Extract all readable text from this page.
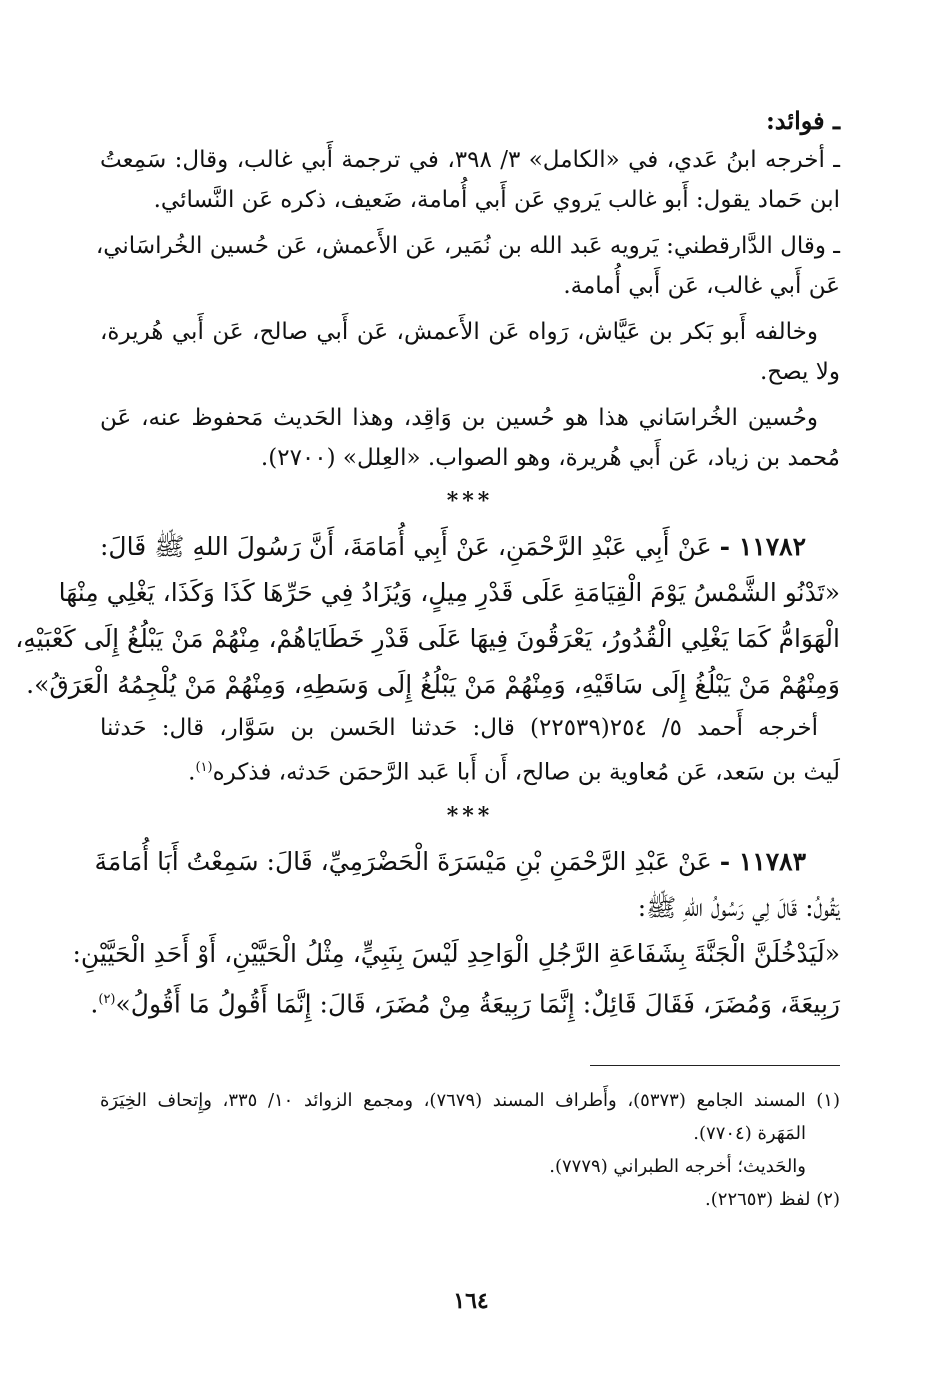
ـ فوائد:
ـ أخرجه ابنُ عَدي، في «الكامل» ٣/ ٣٩٨، في ترجمة أَبي غالب، وقال: سَمِعتُ
ابن حَماد يقول: أَبو غالب يَروي عَن أَبي أُمامة، ضَعيف، ذكره عَن النَّسائي.
ـ وقال الدَّارقطني: يَرويه عَبد الله بن نُمَير، عَن الأَعمش، عَن حُسين الخُراسَاني،
عَن أَبي غالب، عَن أَبي أُمامة.
وخالفه أَبو بَكر بن عَيَّاش، رَواه عَن الأَعمش، عَن أَبي صالح، عَن أَبي هُريرة،
ولا يصح.
وحُسين الخُراسَاني هذا هو حُسين بن وَاقِد، وهذا الحَديث مَحفوظ عنه، عَن
مُحمد بن زياد، عَن أَبي هُريرة، وهو الصواب. «العِلل» (٢٧٠٠).
***
١١٧٨٢ - عَنْ أَبِي عَبْدِ الرَّحْمَنِ، عَنْ أَبِي أُمَامَةَ، أَنَّ رَسُولَ اللهِ ﷺ قَالَ:
«تَدْنُو الشَّمْسُ يَوْمَ الْقِيَامَةِ عَلَى قَدْرِ مِيلٍ، وَيُزَادُ فِي حَرِّهَا كَذَا وَكَذَا، يَغْلِي مِنْهَا
الْهَوَامُّ كَمَا يَغْلِي الْقُدُورُ، يَعْرَقُونَ فِيهَا عَلَى قَدْرِ خَطَايَاهُمْ، مِنْهُمْ مَنْ يَبْلُغُ إِلَى كَعْبَيْهِ،
وَمِنْهُمْ مَنْ يَبْلُغُ إِلَى سَاقَيْهِ، وَمِنْهُمْ مَنْ يَبْلُغُ إِلَى وَسَطِهِ، وَمِنْهُمْ مَنْ يُلْجِمُهُ الْعَرَقُ».
أخرجه أَحمد ٥/ ٢٥٤(٢٢٥٣٩) قال: حَدثنا الحَسن بن سَوَّار، قال: حَدثنا
لَيث بن سَعد، عَن مُعاوية بن صالح، أَن أَبا عَبد الرَّحمَن حَدثه، فذكره$^{(١)}$.
***
١١٧٨٣ - عَنْ عَبْدِ الرَّحْمَنِ بْنِ مَيْسَرَةَ الْحَضْرَمِيِّ، قَالَ: سَمِعْتُ أَبَا أُمَامَةَ
يَقُولُ: قَالَ لِي رَسُولُ اللهِ ﷺ:
«لَيَدْخُلَنَّ الْجَنَّةَ بِشَفَاعَةِ الرَّجُلِ الْوَاحِدِ لَيْسَ بِنَبِيٍّ، مِثْلُ الْحَيَّيْنِ، أَوْ أَحَدِ الْحَيَّيْنِ:
رَبِيعَةَ، وَمُضَرَ، فَقَالَ قَائِلٌ: إِنَّمَا رَبِيعَةُ مِنْ مُضَرَ، قَالَ: إِنَّمَا أَقُولُ مَا أَقُولُ»$^{(٢)}$.
(١) المسند الجامع (٥٣٧٣)، وأَطراف المسند (٧٦٧٩)، ومجمع الزوائد ١٠/ ٣٣٥، وإِتحاف الخِيَرَة
المَهَرة (٧٧٠٤).
والحَديث؛ أخرجه الطبراني (٧٧٧٩).
(٢) لفظ (٢٢٦٥٣).
١٦٤
